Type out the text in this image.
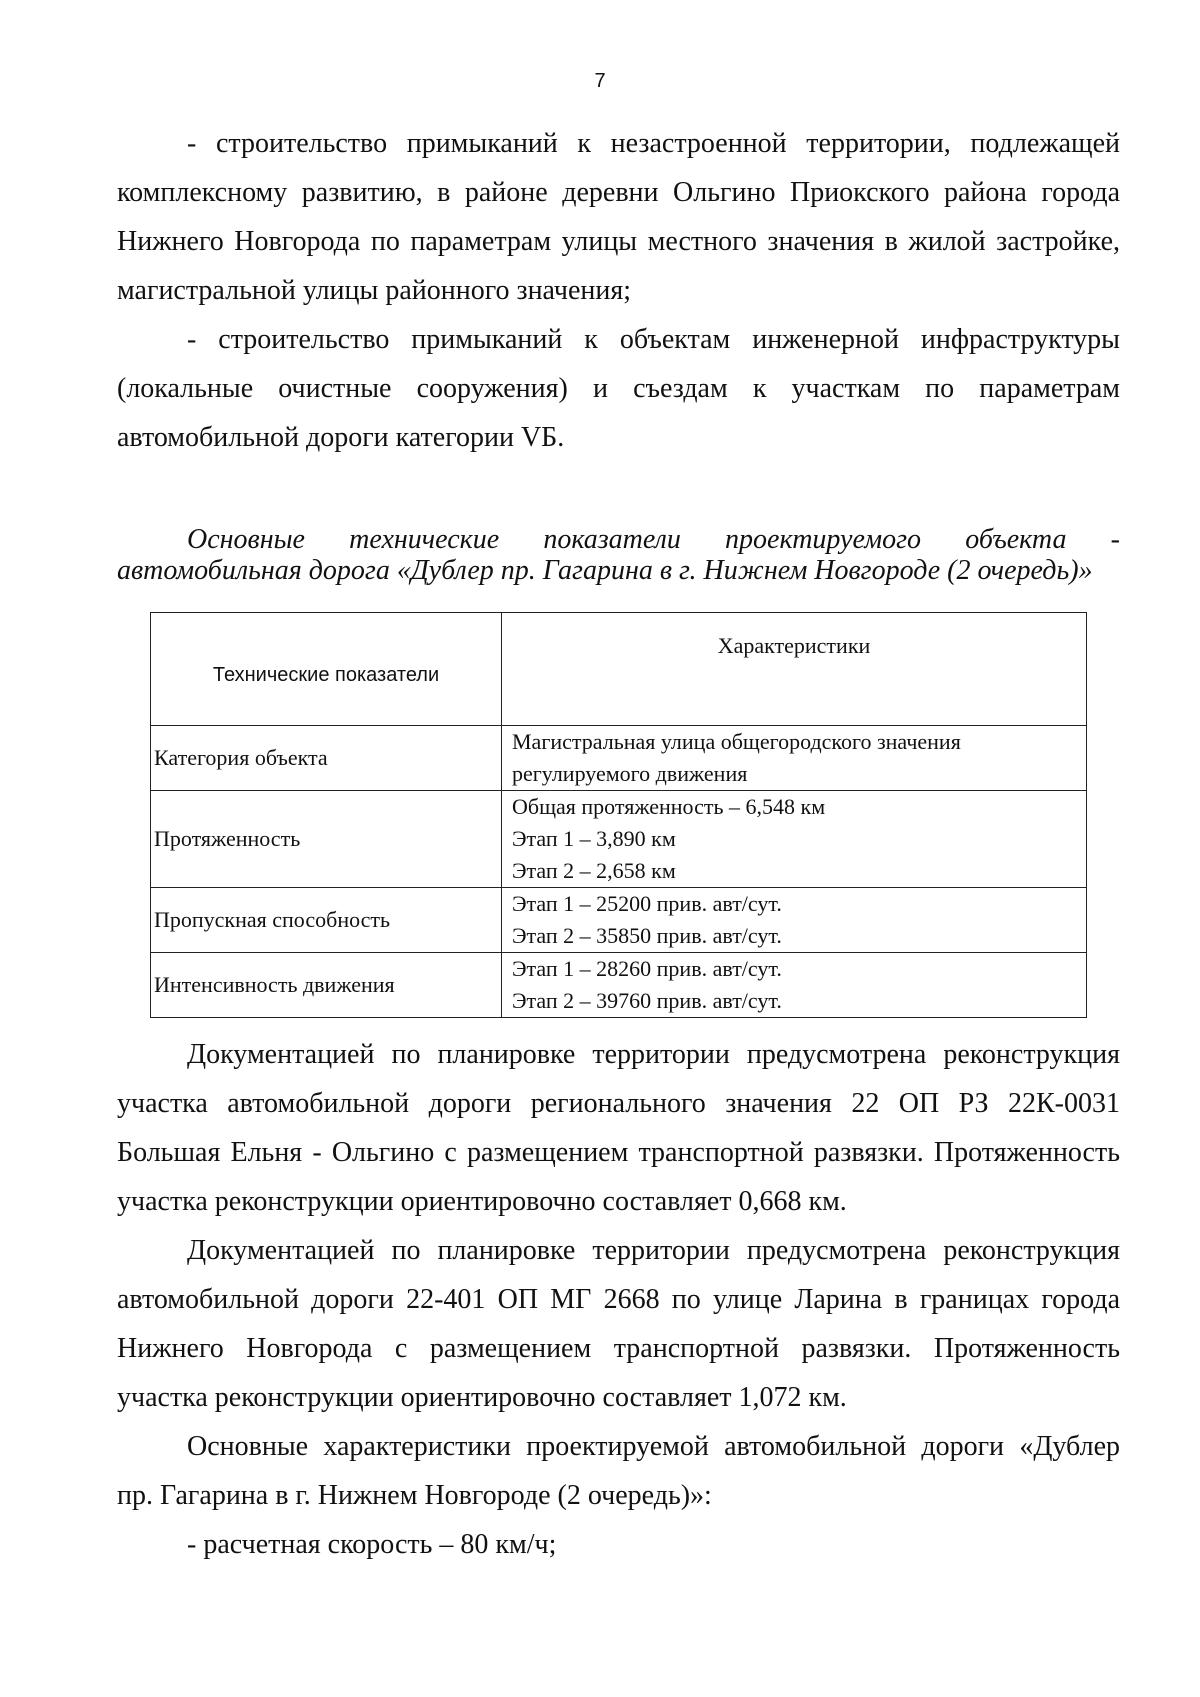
7

- строительство примыканий к незастроенной территории, подлежащей комплексному развитию, в районе деревни Ольгино Приокского района города Нижнего Новгорода по параметрам улицы местного значения в жилой застройке, магистральной улицы районного значения;

- строительство примыканий к объектам инженерной инфраструктуры (локальные очистные сооружения) и съездам к участкам по параметрам автомобильной дороги категории VБ.

Основные технические показатели проектируемого объекта -
автомобильная дорога «Дублер пр. Гагарина в г. Нижнем Новгороде (2 очередь)»
Технические показатели	Характеристики
Категория объекта	Магистральная улица общегородского значения
регулируемого движения

Протяженность	Общая протяженность – 6,548 км
Этап 1 – 3,890 км
Этап 2 – 2,658 км

Пропускная способность	Этап 1 – 25200 прив. авт/сут.
Этап 2 – 35850 прив. авт/сут.

Интенсивность движения	Этап 1 – 28260 прив. авт/сут.
Этап 2 – 39760 прив. авт/сут.

Документацией по планировке территории предусмотрена реконструкция участка автомобильной дороги регионального значения 22 ОП РЗ 22К-0031 Большая Ельня - Ольгино с размещением транспортной развязки. Протяженность участка реконструкции ориентировочно составляет 0,668 км.

Документацией по планировке территории предусмотрена реконструкция автомобильной дороги 22-401 ОП МГ 2668 по улице Ларина в границах города Нижнего Новгорода с размещением транспортной развязки. Протяженность участка реконструкции ориентировочно составляет 1,072 км.

Основные характеристики проектируемой автомобильной дороги «Дублер пр. Гагарина в г. Нижнем Новгороде (2 очередь)»:

- расчетная скорость – 80 км/ч;
